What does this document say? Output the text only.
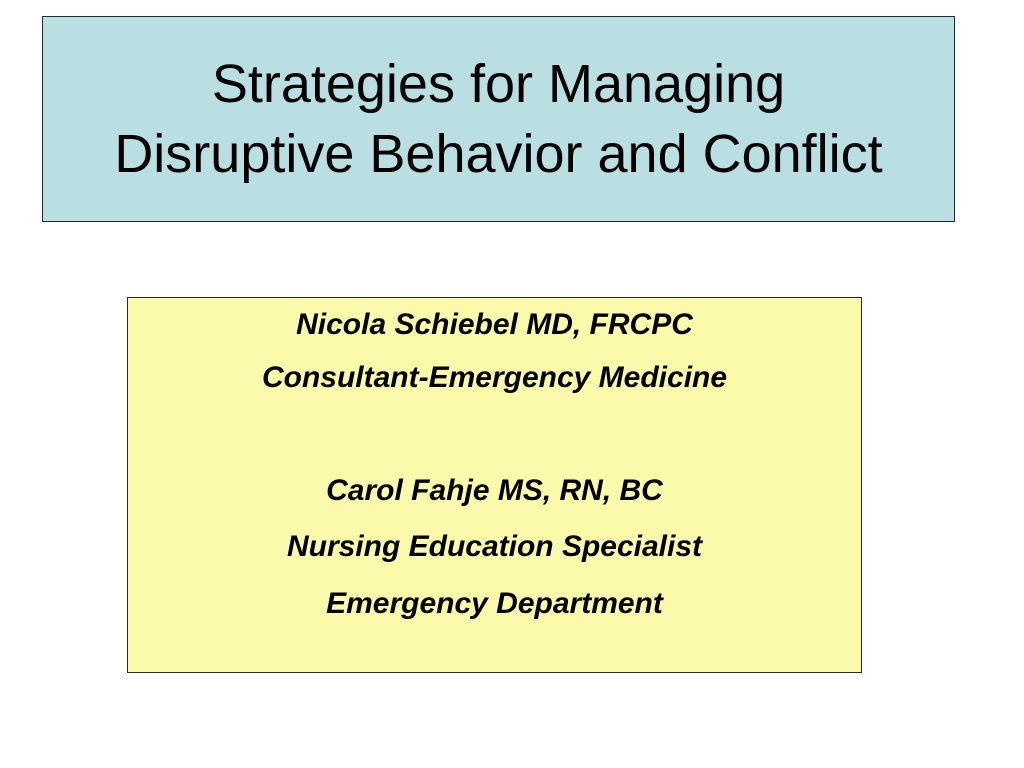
Strategies for Managing
Disruptive Behavior and Conflict
Nicola Schiebel MD, FRCPC
Consultant-Emergency Medicine
Carol Fahje MS, RN, BC
Nursing Education Specialist
Emergency Department
